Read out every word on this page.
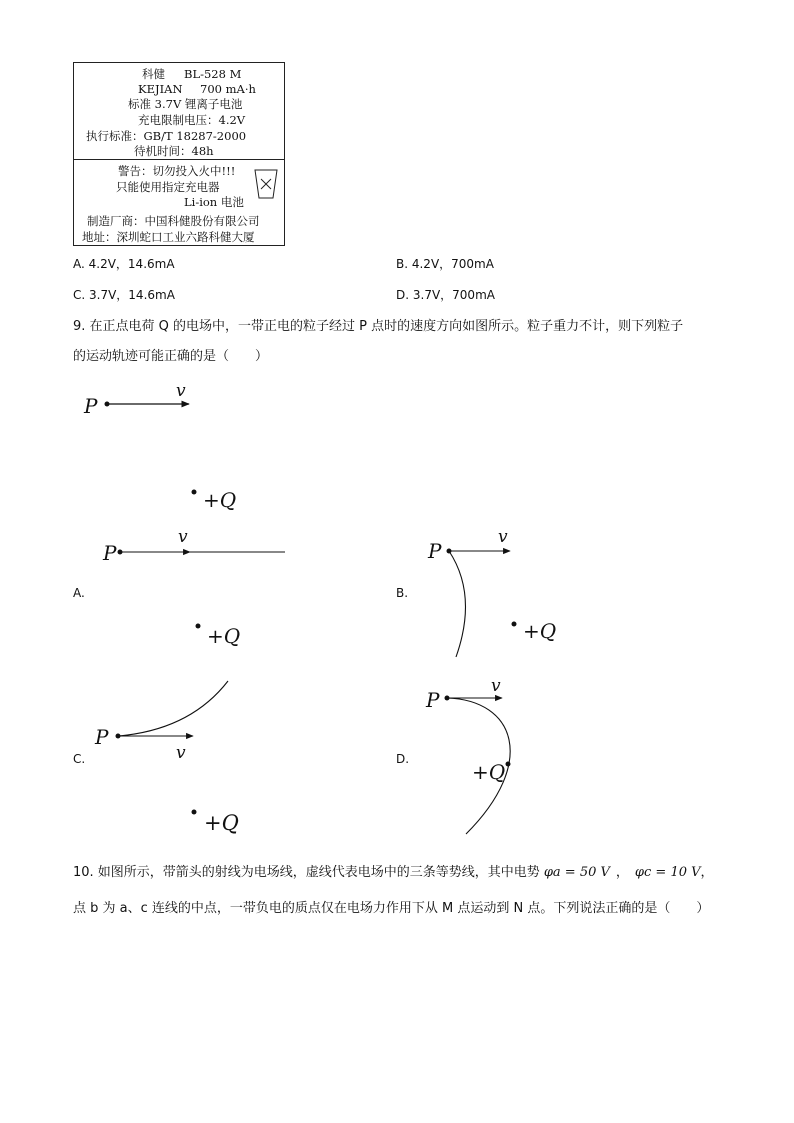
科健 BL-528 M
KEJIAN 700 mA·h
标准 3.7V 锂离子电池
充电限制电压：4.2V
执行标准：GB/T 18287-2000
待机时间：48h
警告：切勿投入火中!!!
只能使用指定充电器
Li-ion 电池
制造厂商：中国科健股份有限公司
地址：深圳蛇口工业六路科健大厦
A. 4.2V，14.6mA	B. 4.2V，700mA
C. 3.7V，14.6mA	D. 3.7V，700mA
9. 在正点电荷 Q 的电场中，一带正电的粒子经过 P 点时的速度方向如图所示。粒子重力不计，则下列粒子
的运动轨迹可能正确的是（　　）
P
v
+Q
P
v
A.
P
v
+Q
B.
+Q
P
v
C.
P
v
+Q
D.
+Q
10. 如图所示，带箭头的射线为电场线，虚线代表电场中的三条等势线，其中电势 φa = 50 V ， φc = 10 V，
点 b 为 a、c 连线的中点，一带负电的质点仅在电场力作用下从 M 点运动到 N 点。下列说法正确的是（　　）
